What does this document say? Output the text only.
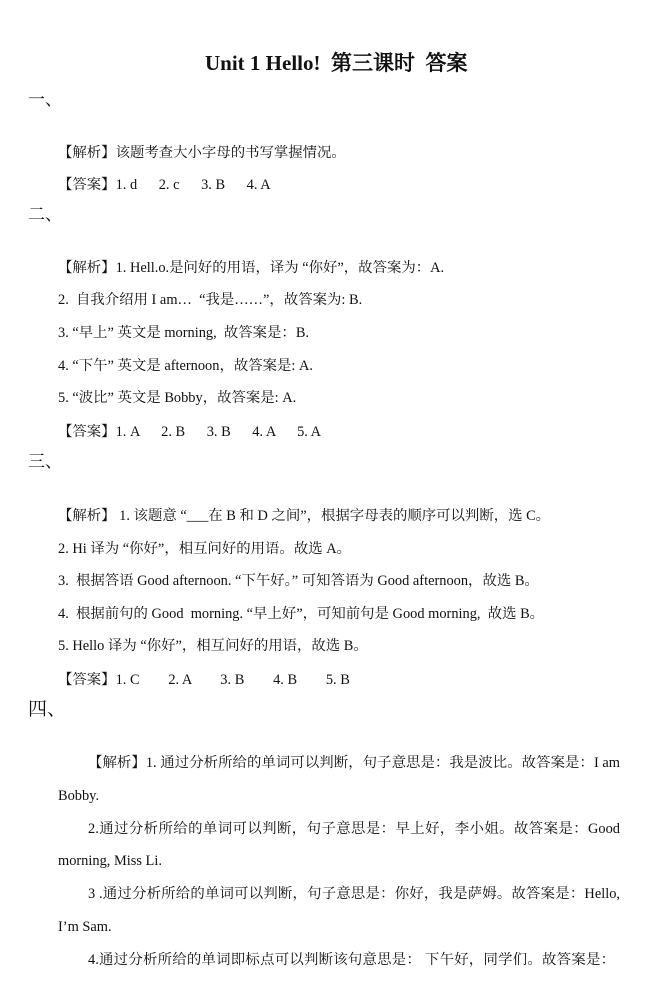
Unit 1 Hello!  第三课时  答案
一、
【解析】该题考查大小字母的书写掌握情况。
【答案】1. d      2. c      3. B      4. A
二、
【解析】1. Hell.o.是问好的用语，译为 “你好”，故答案为：A.
2.  自我介绍用 I am…  “我是……”，故答案为: B.
3. “早上” 英文是 morning,  故答案是：B.
4. “下午” 英文是 afternoon，故答案是: A.
5. “波比” 英文是 Bobby，故答案是: A.
【答案】1. A      2. B      3. B      4. A      5. A
三、
【解析】 1. 该题意 “___在 B 和 D 之间”，根据字母表的顺序可以判断，选 C。
2. Hi 译为 “你好”，相互问好的用语。故选 A。
3.  根据答语 Good afternoon. “下午好。” 可知答语为 Good afternoon，故选 B。
4.  根据前句的 Good  morning. “早上好”，可知前句是 Good morning,  故选 B。
5. Hello 译为 “你好”，相互问好的用语，故选 B。
【答案】1. C        2. A        3. B        4. B        5. B
四、
【解析】1. 通过分析所给的单词可以判断，句子意思是：我是波比。故答案是：I am
Bobby.
2.通过分析所给的单词可以判断，句子意思是：早上好，李小姐。故答案是：Good
morning, Miss Li.
3 .通过分析所给的单词可以判断，句子意思是：你好，我是萨姆。故答案是：Hello,
I’m Sam.
4.通过分析所给的单词即标点可以判断该句意思是： 下午好，同学们。故答案是：
